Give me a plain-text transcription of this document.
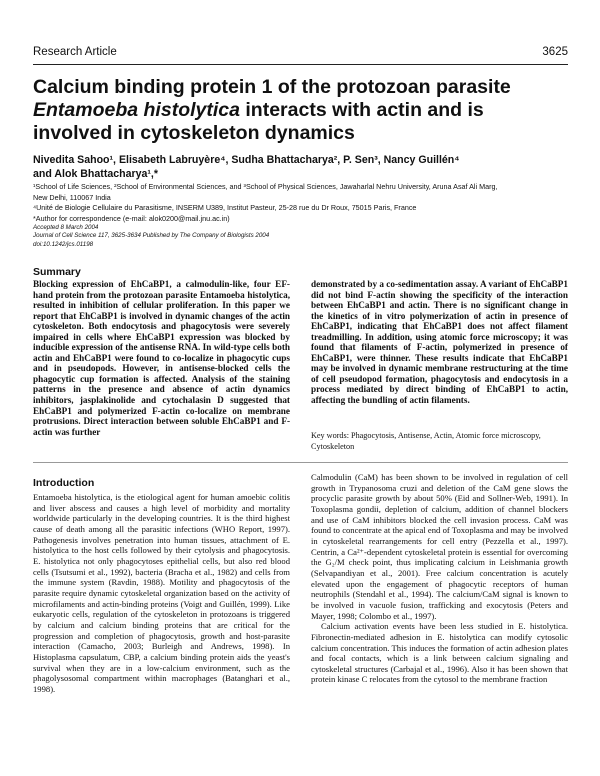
Research Article	3625
Calcium binding protein 1 of the protozoan parasite
Entamoeba histolytica interacts with actin and is
involved in cytoskeleton dynamics
Nivedita Sahoo¹, Elisabeth Labruyère⁴, Sudha Bhattacharya², P. Sen³, Nancy Guillén⁴
and Alok Bhattacharya¹,*
¹School of Life Sciences, ²School of Environmental Sciences, and ³School of Physical Sciences, Jawaharlal Nehru University, Aruna Asaf Ali Marg,
New Delhi, 110067 India
⁴Unité de Biologie Cellulaire du Parasitisme, INSERM U389, Institut Pasteur, 25-28 rue du Dr Roux, 75015 Paris, France
*Author for correspondence (e-mail: alok0200@mail.jnu.ac.in)
Accepted 8 March 2004
Journal of Cell Science 117, 3625-3634 Published by The Company of Biologists 2004
doi:10.1242/jcs.01198
Summary

Blocking expression of EhCaBP1, a calmodulin-like, four EF-hand protein from the protozoan parasite Entamoeba histolytica, resulted in inhibition of cellular proliferation. In this paper we report that EhCaBP1 is involved in dynamic changes of the actin cytoskeleton. Both endocytosis and phagocytosis were severely impaired in cells where EhCaBP1 expression was blocked by inducible expression of the antisense RNA. In wild-type cells both actin and EhCaBP1 were found to co-localize in phagocytic cups and in pseudopods. However, in antisense-blocked cells the phagocytic cup formation is affected. Analysis of the staining patterns in the presence and absence of actin dynamics inhibitors, jasplakinolide and cytochalasin D suggested that EhCaBP1 and polymerized F-actin co-localize on membrane protrusions. Direct interaction between soluble EhCaBP1 and F-actin was further

demonstrated by a co-sedimentation assay. A variant of EhCaBP1 did not bind F-actin showing the specificity of the interaction between EhCaBP1 and actin. There is no significant change in the kinetics of in vitro polymerization of actin in presence of EhCaBP1, indicating that EhCaBP1 does not affect filament treadmilling. In addition, using atomic force microscopy; it was found that filaments of F-actin, polymerized in presence of EhCaBP1, were thinner. These results indicate that EhCaBP1 may be involved in dynamic membrane restructuring at the time of cell pseudopod formation, phagocytosis and endocytosis in a process mediated by direct binding of EhCaBP1 to actin, affecting the bundling of actin filaments.

Key words: Phagocytosis, Antisense, Actin, Atomic force microscopy, Cytoskeleton
Introduction

Entamoeba histolytica, is the etiological agent for human amoebic colitis and liver abscess and causes a high level of morbidity and mortality worldwide particularly in the developing countries. It is the third highest cause of death among all the parasitic infections (WHO Report, 1997). Pathogenesis involves penetration into human tissues, attachment of E. histolytica to the host cells followed by their cytolysis and phagocytosis. E. histolytica not only phagocytoses epithelial cells, but also red blood cells (Tsutsumi et al., 1992), bacteria (Bracha et al., 1982) and cells from the immune system (Ravdin, 1988). Motility and phagocytosis of the parasite require dynamic cytoskeletal organization based on the activity of microfilaments and actin-binding proteins (Voigt and Guillén, 1999). Like eukaryotic cells, regulation of the cytoskeleton in protozoans is triggered by calcium and calcium binding proteins that are critical for the progression and completion of phagocytosis, growth and host-parasite interaction (Camacho, 2003; Burleigh and Andrews, 1998). In Histoplasma capsulatum, CBP, a calcium binding protein aids the yeast's survival when they are in a low-calcium environment, such as the phagolysosomal compartment within macrophages (Batanghari et al., 1998).

Calmodulin (CaM) has been shown to be involved in regulation of cell growth in Trypanosoma cruzi and deletion of the CaM gene slows the procyclic parasite growth by about 50% (Eid and Sollner-Web, 1991). In Toxoplasma gondii, depletion of calcium, addition of channel blockers and use of CaM inhibitors blocked the cell invasion process. CaM was found to concentrate at the apical end of Toxoplasma and may be involved in cytoskeletal rearrangements for cell entry (Pezzella et al., 1997). Centrin, a Ca²⁺-dependent cytoskeletal protein is essential for overcoming the G₂/M check point, thus implicating calcium in Leishmania growth (Selvapandiyan et al., 2001). Free calcium concentration is acutely elevated upon the engagement of phagocytic receptors of human neutrophils (Stendahl et al., 1994). The calcium/CaM signal is known to be involved in vacuole fusion, trafficking and exocytosis (Peters and Mayer, 1998; Colombo et al., 1997).

Calcium activation events have been less studied in E. histolytica. Fibronectin-mediated adhesion in E. histolytica can modify cytosolic calcium concentration. This induces the formation of actin adhesion plates and focal contacts, which is a link between calcium signaling and cytoskeletal structures (Carbajal et al., 1996). Also it has been shown that protein kinase C relocates from the cytosol to the membrane fraction
